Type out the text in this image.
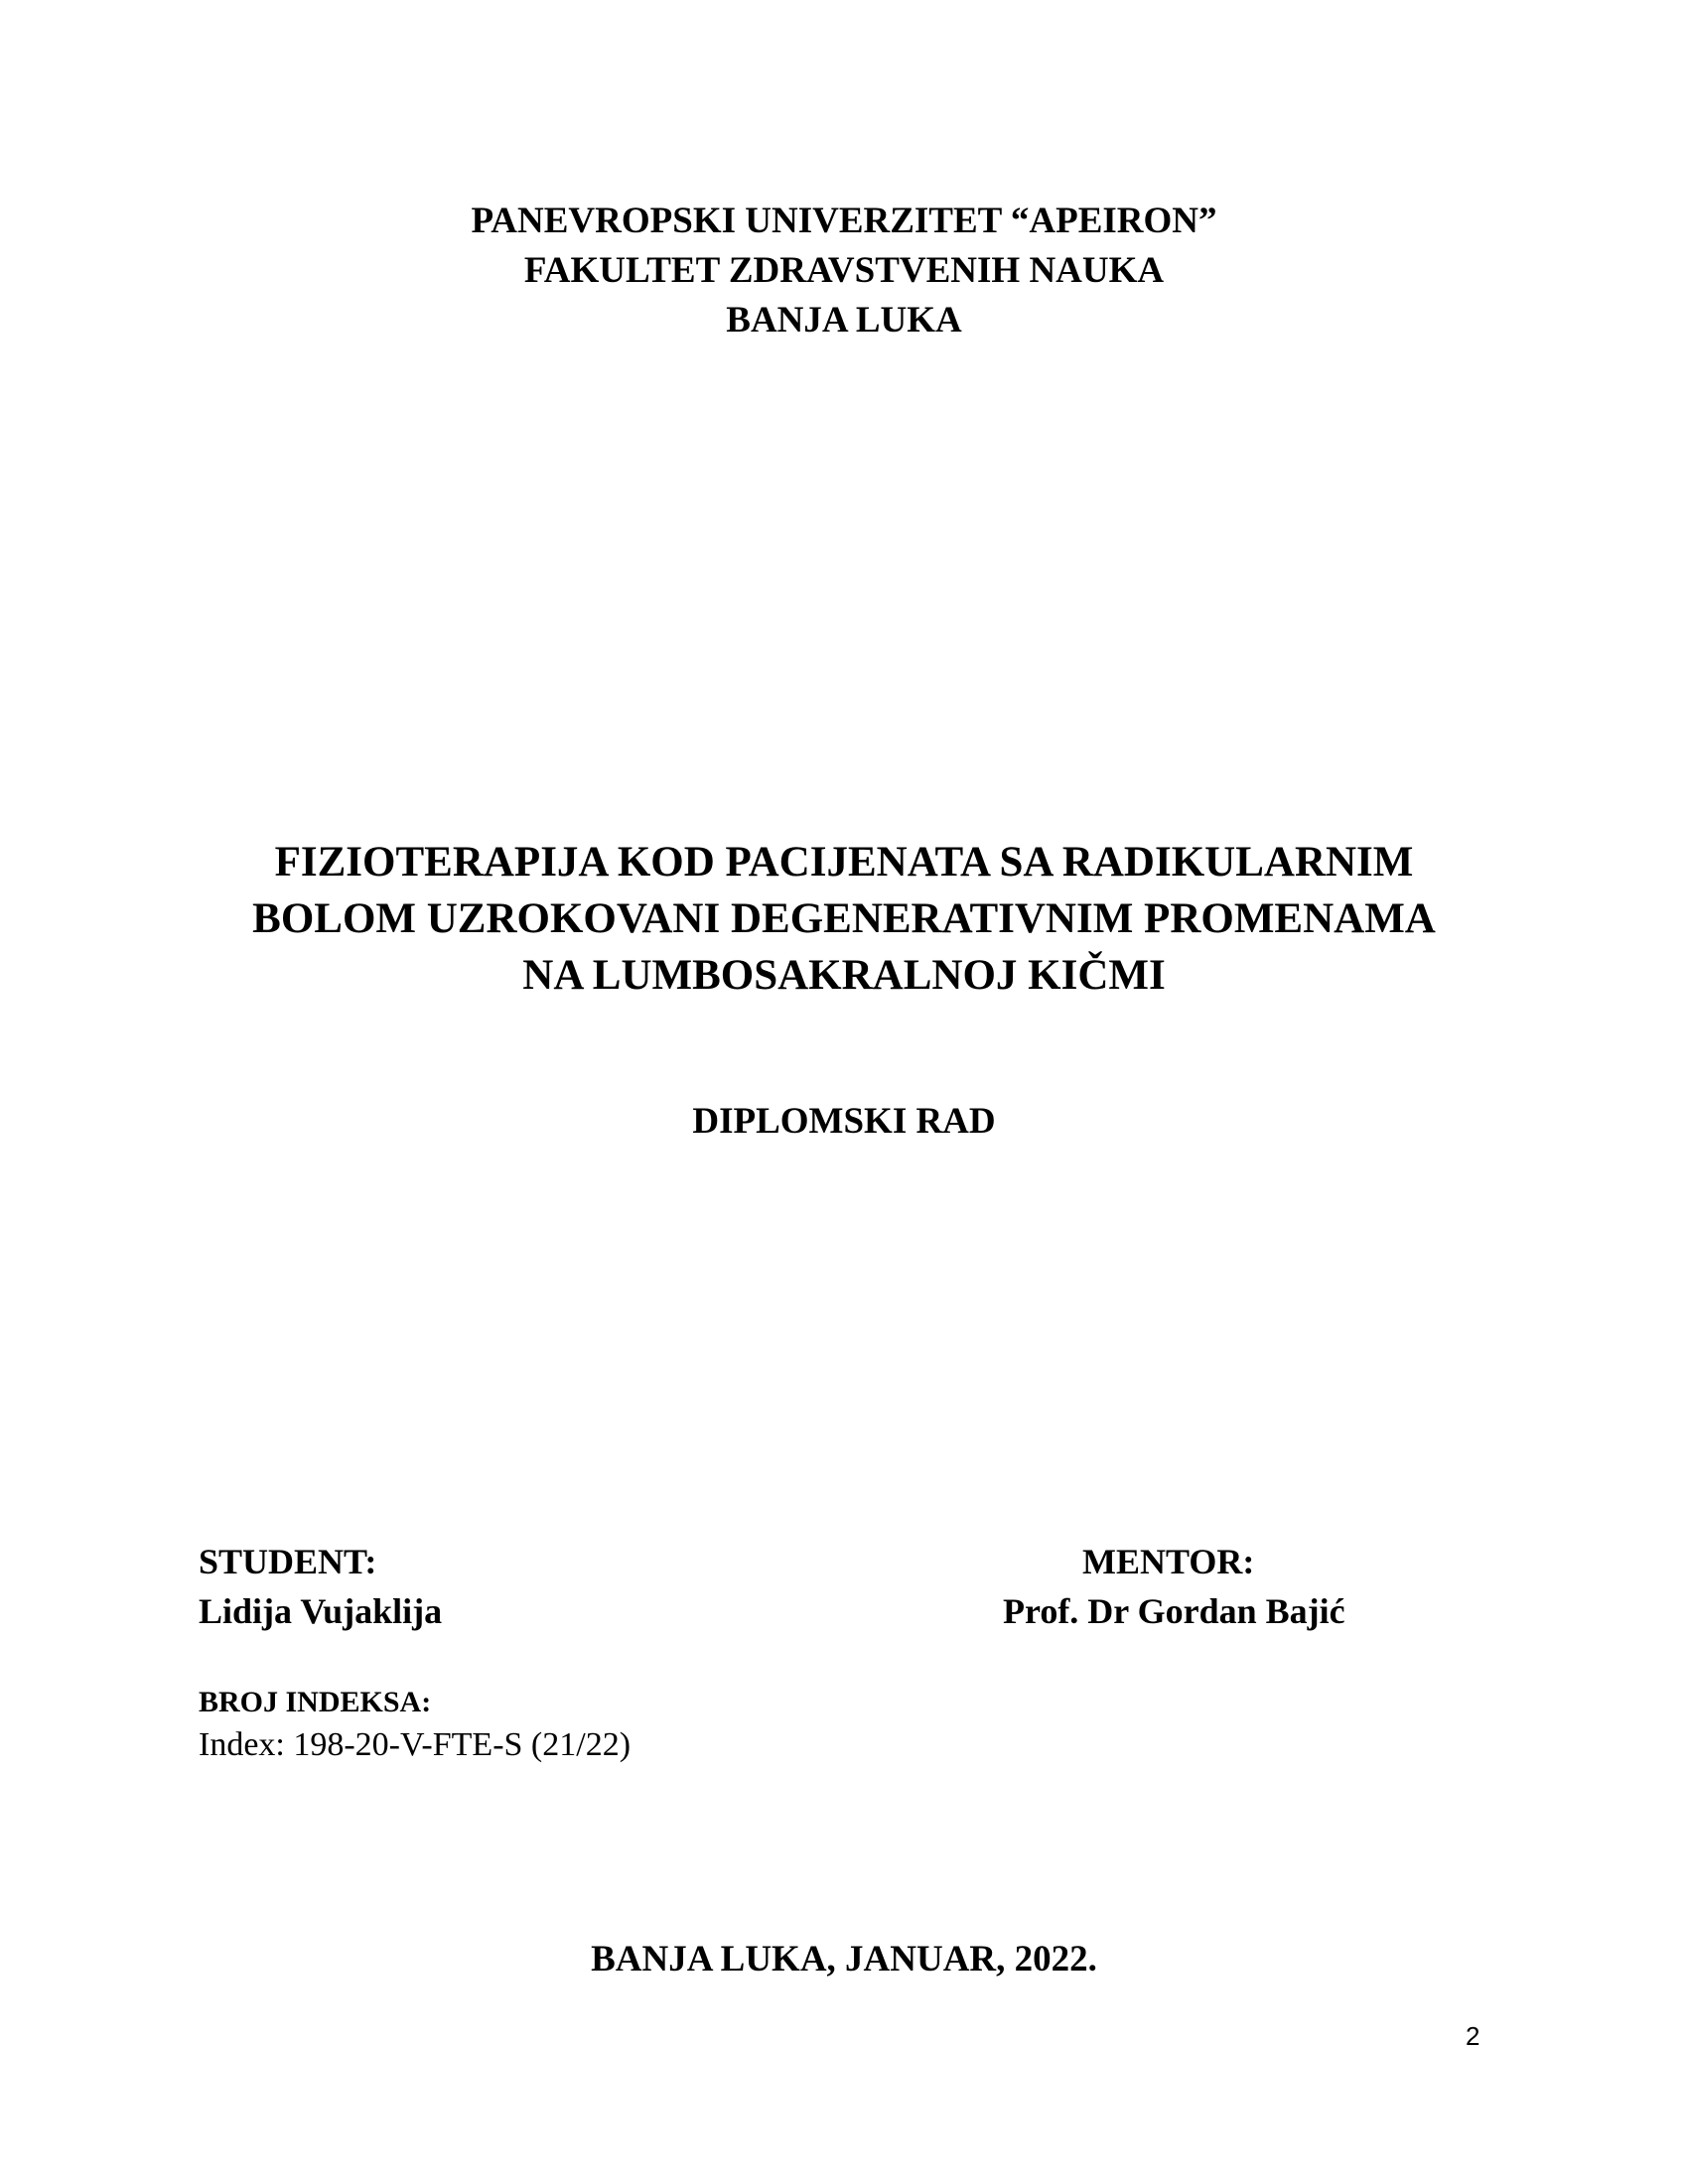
PANEVROPSKI UNIVERZITET “APEIRON”
FAKULTET ZDRAVSTVENIH NAUKA
BANJA LUKA
FIZIOTERAPIJA KOD PACIJENATA SA RADIKULARNIM
BOLOM UZROKOVANI DEGENERATIVNIM PROMENAMA
NA LUMBOSAKRALNOJ KIČMI
DIPLOMSKI RAD
STUDENT:
Lidija Vujaklija
MENTOR:
Prof. Dr Gordan Bajić
BROJ INDEKSA:
Index: 198-20-V-FTE-S (21/22)
BANJA LUKA, JANUAR, 2022.
2
